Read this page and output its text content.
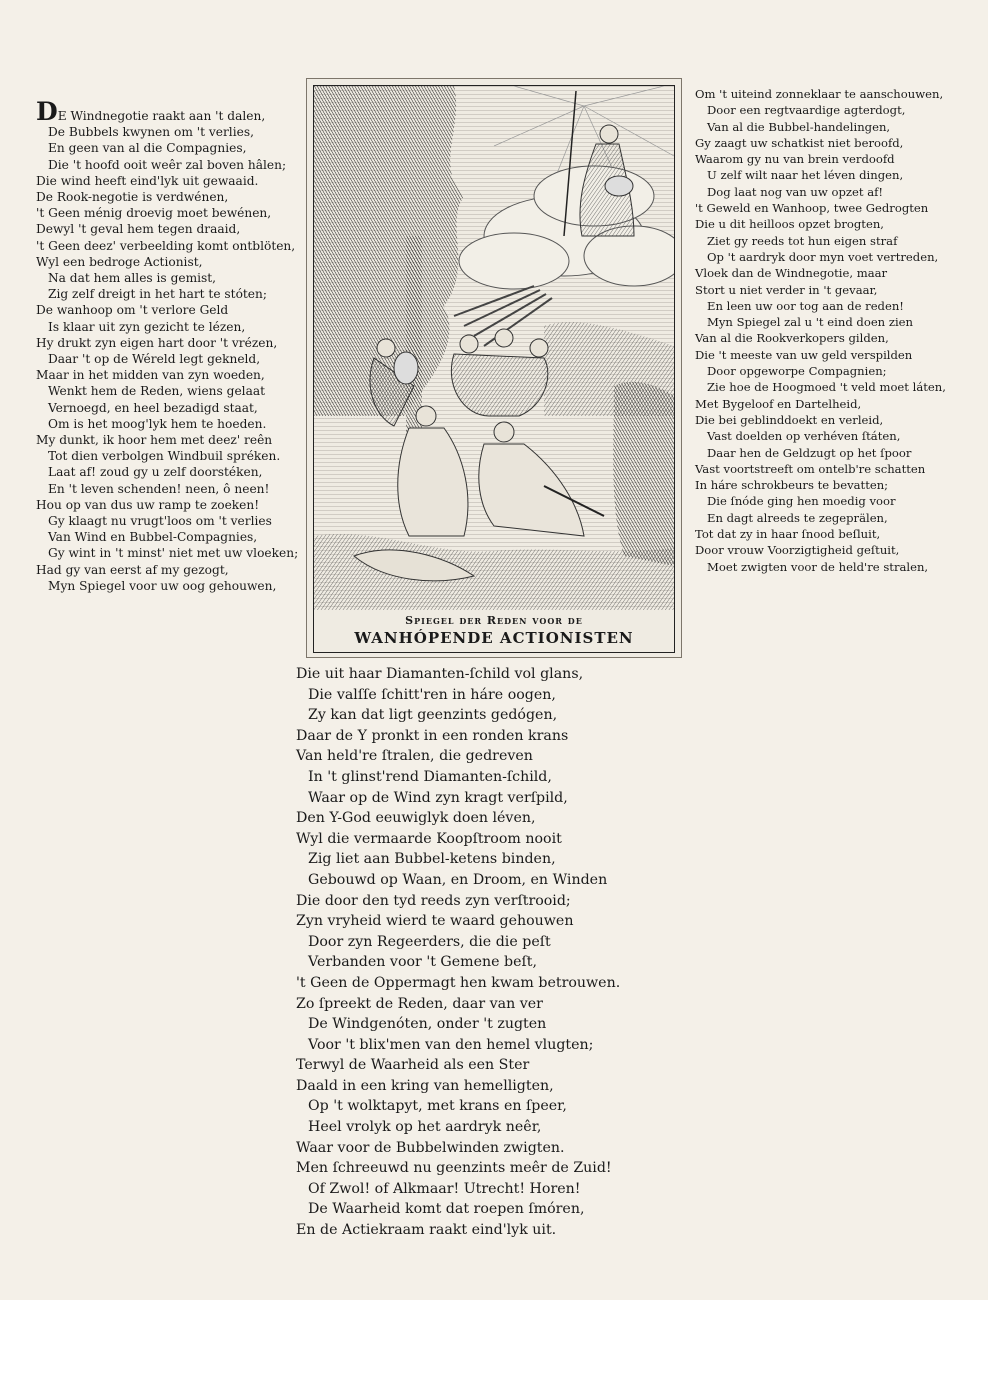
DE Windnegotie raakt aan 't dalen,
De Bubbels kwynen om 't verlies,
En geen van al die Compagnies,
Die 't hoofd ooit weêr zal boven hâlen;
Die wind heeft eind'lyk uit gewaaid.
De Rook-negotie is verdwénen,
't Geen ménig droevig moet bewénen,
Dewyl 't geval hem tegen draaid,
't Geen deez' verbeelding komt ontblöten,
Wyl een bedroge Actionist,
Na dat hem alles is gemist,
Zig zelf dreigt in het hart te stóten;
De wanhoop om 't verlore Geld
Is klaar uit zyn gezicht te lézen,
Hy drukt zyn eigen hart door 't vrézen,
Daar 't op de Wéreld legt gekneld,
Maar in het midden van zyn woeden,
Wenkt hem de Reden, wiens gelaat
Vernoegd, en heel bezadigd staat,
Om is het moog'lyk hem te hoeden.
My dunkt, ik hoor hem met deez' reên
Tot dien verbolgen Windbuil spréken.
Laat af! zoud gy u zelf doorstéken,
En 't leven schenden! neen, ô neen!
Hou op van dus uw ramp te zoeken!
Gy klaagt nu vrugt'loos om 't verlies
Van Wind en Bubbel-Compagnies,
Gy wint in 't minst' niet met uw vloeken;
Had gy van eerst af my gezogt,
Myn Spiegel voor uw oog gehouwen,
Spiegel der Reden voor de
WANHÓPENDE ACTIONISTEN
Om 't uiteind zonneklaar te aanschouwen,
Door een regtvaardige agterdogt,
Van al die Bubbel-handelingen,
Gy zaagt uw schatkist niet beroofd,
Waarom gy nu van brein verdoofd
U zelf wilt naar het léven dingen,
Dog laat nog van uw opzet af!
't Geweld en Wanhoop, twee Gedrogten
Die u dit heilloos opzet brogten,
Ziet gy reeds tot hun eigen straf
Op 't aardryk door myn voet vertreden,
Vloek dan de Windnegotie, maar
Stort u niet verder in 't gevaar,
En leen uw oor tog aan de reden!
Myn Spiegel zal u 't eind doen zien
Van al die Rookverkopers gilden,
Die 't meeste van uw geld verspilden
Door opgeworpe Compagnien;
Zie hoe de Hoogmoed 't veld moet láten,
Met Bygeloof en Dartelheid,
Die bei geblinddoekt en verleid,
Vast doelden op verhéven ſtáten,
Daar hen de Geldzugt op het ſpoor
Vast voortstreeft om ontelb're schatten
In háre schrokbeurs te bevatten;
Die ſnóde ging hen moedig voor
En dagt alreeds te zegeprälen,
Tot dat zy in haar ſnood beſluit,
Door vrouw Voorzigtigheid geſtuit,
Moet zwigten voor de held're stralen,
Die uit haar Diamanten-ſchild vol glans,
Die valſſe ſchitt'ren in háre oogen,
Zy kan dat ligt geenzints gedógen,
Daar de Y pronkt in een ronden krans
Van held're ſtralen, die gedreven
In 't glinst'rend Diamanten-ſchild,
Waar op de Wind zyn kragt verſpild,
Den Y-God eeuwiglyk doen léven,
Wyl die vermaarde Koopſtroom nooit
Zig liet aan Bubbel-ketens binden,
Gebouwd op Waan, en Droom, en Winden
Die door den tyd reeds zyn verſtrooid;
Zyn vryheid wierd te waard gehouwen
Door zyn Regeerders, die die peſt
Verbanden voor 't Gemene beſt,
't Geen de Oppermagt hen kwam betrouwen.
Zo ſpreekt de Reden, daar van ver
De Windgenóten, onder 't zugten
Voor 't blix'men van den hemel vlugten;
Terwyl de Waarheid als een Ster
Daald in een kring van hemelligten,
Op 't wolktapyt, met krans en ſpeer,
Heel vrolyk op het aardryk neêr,
Waar voor de Bubbelwinden zwigten.
Men ſchreeuwd nu geenzints meêr de Zuid!
Of Zwol! of Alkmaar! Utrecht! Horen!
De Waarheid komt dat roepen ſmóren,
En de Actiekraam raakt eind'lyk uit.
